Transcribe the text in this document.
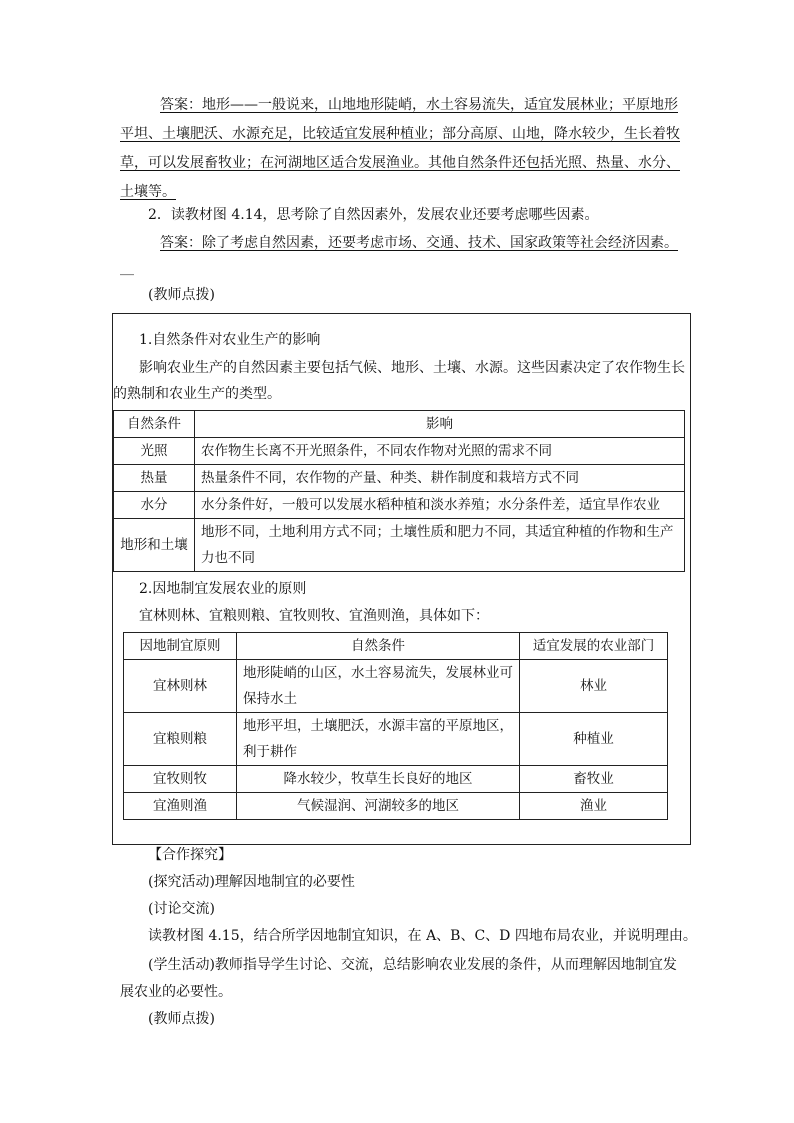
答案：地形——一般说来，山地地形陡峭，水土容易流失，适宜发展林业；平原地形
平坦、土壤肥沃、水源充足，比较适宜发展种植业；部分高原、山地，降水较少，生长着牧
草，可以发展畜牧业；在河湖地区适合发展渔业。其他自然条件还包括光照、热量、水分、
土壤等。
2．读教材图 4.14，思考除了自然因素外，发展农业还要考虑哪些因素。
答案：除了考虑自然因素，还要考虑市场、交通、技术、国家政策等社会经济因素。
__
(教师点拨)
1.自然条件对农业生产的影响
影响农业生产的自然因素主要包括气候、地形、土壤、水源。这些因素决定了农作物生长
的熟制和农业生产的类型。
自然条件	影响
光照	农作物生长离不开光照条件，不同农作物对光照的需求不同
热量	热量条件不同，农作物的产量、种类、耕作制度和栽培方式不同
水分	水分条件好，一般可以发展水稻种植和淡水养殖；水分条件差，适宜旱作农业
地形和土壤	地形不同，土地利用方式不同；土壤性质和肥力不同，其适宜种植的作物和生产力也不同
2.因地制宜发展农业的原则
宜林则林、宜粮则粮、宜牧则牧、宜渔则渔，具体如下：
因地制宜原则	自然条件	适宜发展的农业部门
宜林则林	地形陡峭的山区，水土容易流失，发展林业可保持水土	林业
宜粮则粮	地形平坦，土壤肥沃，水源丰富的平原地区，利于耕作	种植业
宜牧则牧	降水较少，牧草生长良好的地区	畜牧业
宜渔则渔	气候湿润、河湖较多的地区	渔业
【合作探究】
(探究活动)理解因地制宜的必要性
(讨论交流)
读教材图 4.15，结合所学因地制宜知识，在 A、B、C、D 四地布局农业，并说明理由。
(学生活动)教师指导学生讨论、交流，总结影响农业发展的条件，从而理解因地制宜发
展农业的必要性。
(教师点拨)
